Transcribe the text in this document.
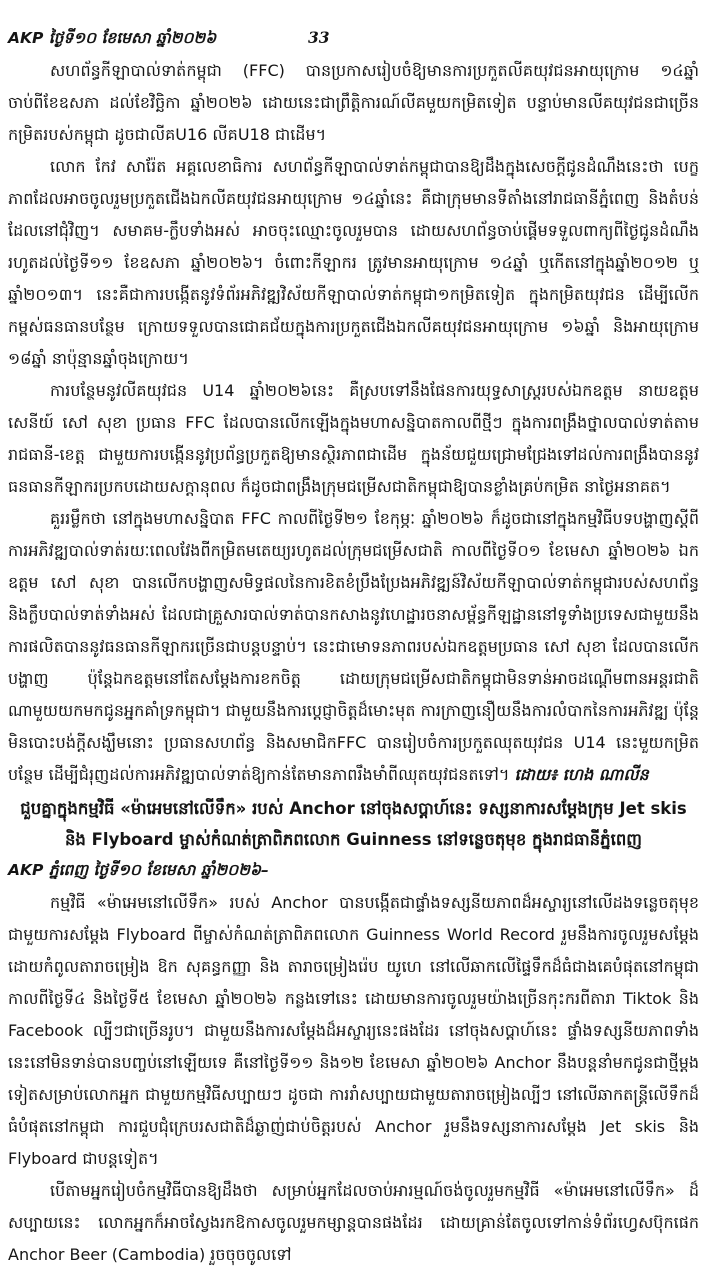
AKP ថ្ងៃទី១០ ខែមេសា ឆ្នាំ២០២៦	33

សហព័ន្ធកីឡាបាល់ទាត់កម្ពុជា (FFC) បានប្រកាសរៀបចំឱ្យមានការប្រកួតលីគយុវជនអាយុក្រោម ១៤ឆ្នាំ ចាប់ពីខែឧសភា ដល់ខែវិច្ឆិកា ឆ្នាំ២០២៦ ដោយនេះជាព្រឹត្តិការណ៍លីគមួយកម្រិតទៀត បន្ទាប់មានលីគយុវជនជាច្រើនកម្រិតរបស់កម្ពុជា ដូចជាលីគU16 លីគU18 ជាដើម។

លោក កែវ សារ៉ែត អគ្គលេខាធិការ សហព័ន្ធកីឡាបាល់ទាត់កម្ពុជាបានឱ្យដឹងក្នុងសេចក្ដីជូនដំណឹងនេះថា បេក្ខភាពដែលអាចចូលរួមប្រកួតជើងឯកលីគយុវជនអាយុក្រោម ១៤ឆ្នាំនេះ គឺជាក្រុមមានទីតាំងនៅរាជធានីភ្នំពេញ និងតំបន់ដែលនៅជុំវិញ។ សមាគម-ក្លឹបទាំងអស់ អាចចុះឈ្មោះចូលរួមបាន ដោយសហព័ន្ធចាប់ផ្ដើមទទួលពាក្យពីថ្ងៃជូនដំណឹង រហូតដល់ថ្ងៃទី១១ ខែឧសភា ឆ្នាំ២០២៦។ ចំពោះកីឡាករ ត្រូវមានអាយុក្រោម ១៤ឆ្នាំ ឬកើតនៅក្នុងឆ្នាំ២០១២ ឬឆ្នាំ២០១៣។ នេះគឺជាការបង្កើតនូវទំព័រអភិវឌ្ឍវិស័យកីឡាបាល់ទាត់កម្ពុជា១កម្រិតទៀត ក្នុងកម្រិតយុវជន ដើម្បីលើកកម្ពស់ធនធានបន្ថែម ក្រោយទទួលបានជោគជ័យក្នុងការប្រកួតជើងឯកលីគយុវជនអាយុក្រោម ១៦ឆ្នាំ និងអាយុក្រោម ១៨ឆ្នាំ នាប៉ុន្មានឆ្នាំចុងក្រោយ។

ការបន្ថែមនូវលីគយុវជន U14 ឆ្នាំ២០២៦នេះ គឺស្របទៅនឹងផែនការយុទ្ធសាស្ត្ររបស់ឯកឧត្តម នាយឧត្តមសេនីយ៍ សៅ សុខា ប្រធាន FFC ដែលបានលើកឡើងក្នុងមហាសន្និបាតកាលពីថ្មីៗ ក្នុងការពង្រឹងថ្នាលបាល់ទាត់តាមរាជធានី-ខេត្ត ជាមួយការបង្កើននូវប្រព័ន្ធប្រកួតឱ្យមានស្ថិរភាពជាដើម ក្នុងន័យជួយជ្រោមជ្រែងទៅដល់ការពង្រឹងបាននូវធនធានកីឡាករប្រកបដោយសក្ដានុពល ក៏ដូចជាពង្រឹងក្រុមជម្រើសជាតិកម្ពុជាឱ្យបានខ្លាំងគ្រប់កម្រិត នាថ្ងៃអនាគត។

គួររម្លឹកថា នៅក្នុងមហាសន្និបាត FFC កាលពីថ្ងៃទី២១ ខែកុម្ភៈ ឆ្នាំ២០២៦ ក៏ដូចជានៅក្នុងកម្មវិធីបទបង្ហាញស្ដីពីការអភិវឌ្ឍបាល់ទាត់រយៈពេលវែងពីកម្រិតមតេយ្យរហូតដល់ក្រុមជម្រើសជាតិ កាលពីថ្ងៃទី០១ ខែមេសា ឆ្នាំ២០២៦ ឯកឧត្តម សៅ សុខា បានលើកបង្ហាញសមិទ្ធផលនៃការខិតខំប្រឹងប្រែងអភិវឌ្ឍន៍វិស័យកីឡាបាល់ទាត់កម្ពុជារបស់សហព័ន្ធ និងក្លឹបបាល់ទាត់ទាំងអស់ ដែលជាគ្រួសារបាល់ទាត់បានកសាងនូវហេដ្ឋារចនាសម្ព័ន្ធកីឡដ្ឋាននៅទូទាំងប្រទេសជាមួយនឹងការផលិតបាននូវធនធានកីឡាករច្រើនជាបន្តបន្ទាប់។ នេះជាមោទនភាពរបស់ឯកឧត្តមប្រធាន សៅ សុខា ដែលបានលើកបង្ហាញ ប៉ុន្តែឯកឧត្តមនៅតែសម្ដែងការខកចិត្ត ដោយក្រុមជម្រើសជាតិកម្ពុជាមិនទាន់អាចដណ្ដើមពានអន្តរជាតិណាមួយយកមកជូនអ្នកគាំទ្រកម្ពុជា។ ជាមួយនឹងការប្ដេជ្ញាចិត្តដ៏មោះមុត ការក្រាញនឿយនឹងការលំបាកនៃការអភិវឌ្ឍ ប៉ុន្តែមិនបោះបង់ក្ដីសង្ឃឹមនោះ ប្រធានសហព័ន្ធ និងសមាជិកFFC បានរៀបចំការប្រកួតឈុតយុវជន U14 នេះមួយកម្រិតបន្ថែម ដើម្បីជំរុញដល់ការអភិវឌ្ឍបាល់ទាត់ឱ្យកាន់តែមានភាពរឹងមាំពីឈុតយុវជនតទៅ។ ដោយ៖ ហេង ណាលីន

ជួបគ្នាក្នុងកម្មវិធី «ម៉ាអេមនៅលើទឹក» របស់ Anchor នៅចុងសប្ដាហ៍នេះ ទស្សនាការសម្ដែងក្រុម Jet skis និង Flyboard ម្ចាស់កំណត់ត្រាពិភពលោក Guinness នៅទន្លេចតុមុខ ក្នុងរាជធានីភ្នំពេញ
AKP ភ្នំពេញ ថ្ងៃទី១០ ខែមេសា ឆ្នាំ២០២៦–

កម្មវិធី «ម៉ាអេមនៅលើទឹក» របស់ Anchor បានបង្កើតជាផ្ទាំងទស្សនីយភាពដ៏អស្ចារ្យនៅលើដងទន្លេចតុមុខ ជាមួយការសម្ដែង Flyboard ពីម្ចាស់កំណត់ត្រាពិភពលោក Guinness World Record រួមនឹងការចូលរួមសម្ដែងដោយកំពូលតារាចម្រៀង ឱក សុគន្ធកញ្ញា និង តារាចម្រៀងរ៉េប យូហេ នៅលើឆាកលើផ្ទៃទឹកដ៏ធំជាងគេបំផុតនៅកម្ពុជា កាលពីថ្ងៃទី៤ និងថ្ងៃទី៥ ខែមេសា ឆ្នាំ២០២៦ កន្លងទៅនេះ ដោយមានការចូលរួមយ៉ាងច្រើនកុះករពីតារា Tiktok និង Facebook ល្បីៗជាច្រើនរូប។ ជាមួយនឹងការសម្ដែងដ៏អស្ចារ្យនេះផងដែរ នៅចុងសប្ដាហ៍នេះ ផ្ទាំងទស្សនីយភាពទាំងនេះនៅមិនទាន់បានបញ្ចប់នៅឡើយទេ គឺនៅថ្ងៃទី១១ និង១២ ខែមេសា ឆ្នាំ២០២៦ Anchor នឹងបន្តនាំមកជូនជាថ្មីម្ដងទៀតសម្រាប់លោកអ្នក ជាមួយកម្មវិធីសប្បាយៗ ដូចជា ការរាំសប្បាយជាមួយតារាចម្រៀងល្បីៗ នៅលើឆាកតន្ត្រីលើទឹកដ៏ធំបំផុតនៅកម្ពុជា ការជួបជុំក្រេបរសជាតិដ៏ឆ្ងាញ់ជាប់ចិត្តរបស់ Anchor រួមនឹងទស្សនាការសម្ដែង Jet skis និង Flyboard ជាបន្តទៀត។

បើតាមអ្នករៀបចំកម្មវិធីបានឱ្យដឹងថា សម្រាប់អ្នកដែលចាប់អារម្មណ៍ចង់ចូលរួមកម្មវិធី «ម៉ាអេមនៅលើទឹក» ដ៏សប្បាយនេះ លោកអ្នកក៏អាចស្វែងរកឱកាសចូលរួមកម្សាន្តបានផងដែរ ដោយគ្រាន់តែចូលទៅកាន់ទំព័រហ្វេសប៊ុកផេក Anchor Beer (Cambodia) រួចចុចចូលទៅ
